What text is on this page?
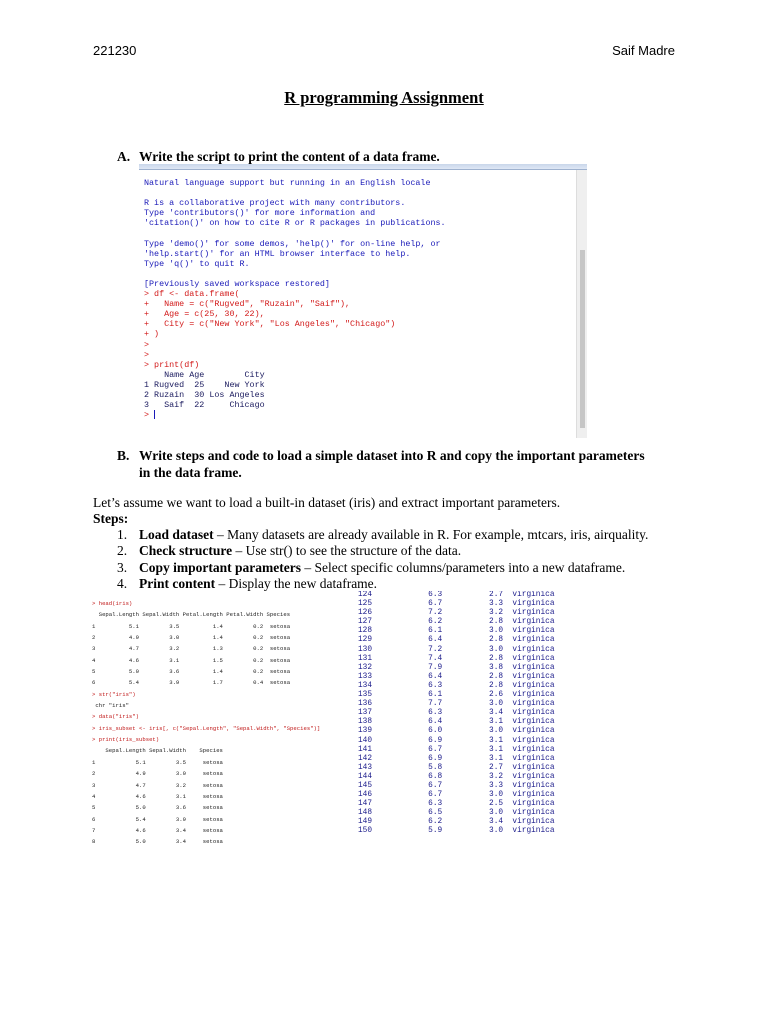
221230	Saif Madre
R programming Assignment
A. Write the script to print the content of a data frame.
Natural language support but running in an English locale

R is a collaborative project with many contributors.
Type 'contributors()' for more information and
'citation()' on how to cite R or R packages in publications.

Type 'demo()' for some demos, 'help()' for on-line help, or
'help.start()' for an HTML browser interface to help.
Type 'q()' to quit R.

[Previously saved workspace restored]

> df <- data.frame(
+   Name = c("Rugved", "Ruzain", "Saif"),
+   Age = c(25, 30, 22),
+   City = c("New York", "Los Angeles", "Chicago")
+ )
>
>
> print(df)
Name Age        City
1 Rugved  25    New York
2 Ruzain  30 Los Angeles
3   Saif  22     Chicago
>
B. Write steps and code to load a simple dataset into R and copy the important parameters
in the data frame.
Let’s assume we want to load a built-in dataset (iris) and extract important parameters.
Steps:
1. Load dataset – Many datasets are already available in R. For example, mtcars, iris, airquality.
2. Check structure – Use str() to see the structure of the data.
3. Copy important parameters – Select specific columns/parameters into a new dataframe.
4. Print content – Display the new dataframe.
> head(iris)
Sepal.Length Sepal.Width Petal.Length Petal.Width Species
1          5.1         3.5          1.4         0.2  setosa
2          4.9         3.0          1.4         0.2  setosa
3          4.7         3.2          1.3         0.2  setosa
4          4.6         3.1          1.5         0.2  setosa
5          5.0         3.6          1.4         0.2  setosa
6          5.4         3.9          1.7         0.4  setosa
> str("iris")
chr "iris"
> data("iris")
> iris_subset <- iris[, c("Sepal.Length", "Sepal.Width", "Species")]
> print(iris_subset)
Sepal.Length Sepal.Width    Species
1            5.1         3.5     setosa
2            4.9         3.0     setosa
3            4.7         3.2     setosa
4            4.6         3.1     setosa
5            5.0         3.6     setosa
6            5.4         3.9     setosa
7            4.6         3.4     setosa
8            5.0         3.4     setosa
124            6.3          2.7  virginica
125            6.7          3.3  virginica
126            7.2          3.2  virginica
127            6.2          2.8  virginica
128            6.1          3.0  virginica
129            6.4          2.8  virginica
130            7.2          3.0  virginica
131            7.4          2.8  virginica
132            7.9          3.8  virginica
133            6.4          2.8  virginica
134            6.3          2.8  virginica
135            6.1          2.6  virginica
136            7.7          3.0  virginica
137            6.3          3.4  virginica
138            6.4          3.1  virginica
139            6.0          3.0  virginica
140            6.9          3.1  virginica
141            6.7          3.1  virginica
142            6.9          3.1  virginica
143            5.8          2.7  virginica
144            6.8          3.2  virginica
145            6.7          3.3  virginica
146            6.7          3.0  virginica
147            6.3          2.5  virginica
148            6.5          3.0  virginica
149            6.2          3.4  virginica
150            5.9          3.0  virginica
